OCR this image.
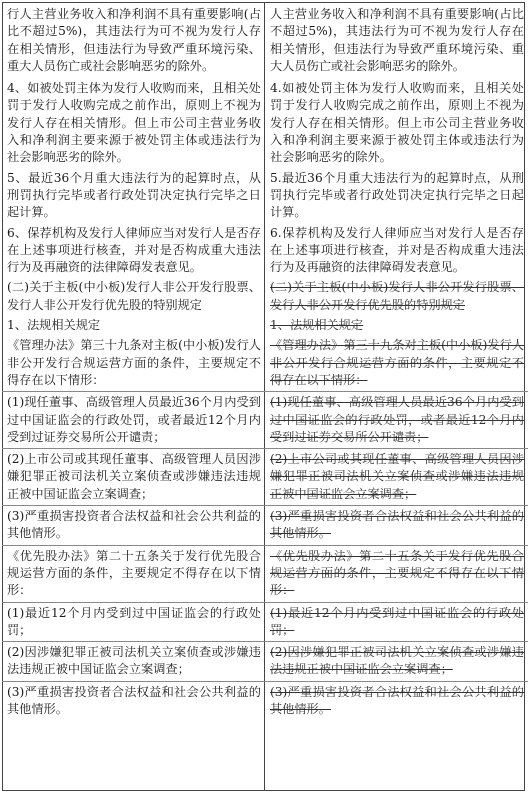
行人主营业务收入和净利润不具有重要影响(占比不超过5%)，其违法行为可不视为发行人存在相关情形，但违法行为导致严重环境污染、重大人员伤亡或社会影响恶劣的除外。

4、如被处罚主体为发行人收购而来，且相关处罚于发行人收购完成之前作出，原则上不视为发行人存在相关情形。但上市公司主营业务收入和净利润主要来源于被处罚主体或违法行为社会影响恶劣的除外。

5、最近36个月重大违法行为的起算时点，从刑罚执行完毕或者行政处罚决定执行完毕之日起计算。

6、保荐机构及发行人律师应当对发行人是否存在上述事项进行核查，并对是否构成重大违法行为及再融资的法律障碍发表意见。

(二)关于主板(中小板)发行人非公开发行股票、发行人非公开发行优先股的特别规定

1、法规相关规定

《管理办法》第三十九条对主板(中小板)发行人非公开发行合规运营方面的条件，主要规定不得存在以下情形：

(1)现任董事、高级管理人员最近36个月内受到过中国证监会的行政处罚，或者最近12个月内受到过证券交易所公开谴责；

(2)上市公司或其现任董事、高级管理人员因涉嫌犯罪正被司法机关立案侦查或涉嫌违法违规正被中国证监会立案调查；

(3)严重损害投资者合法权益和社会公共利益的其他情形。

《优先股办法》第二十五条关于发行优先股合规运营方面的条件，主要规定不得存在以下情形：

(1)最近12个月内受到过中国证监会的行政处罚；

(2)因涉嫌犯罪正被司法机关立案侦查或涉嫌违法违规正被中国证监会立案调查；

(3)严重损害投资者合法权益和社会公共利益的其他情形。

人主营业务收入和净利润不具有重要影响(占比不超过5%)，其违法行为可不视为发行人存在相关情形，但违法行为导致严重环境污染、重大人员伤亡或社会影响恶劣的除外。

4.如被处罚主体为发行人收购而来，且相关处罚于发行人收购完成之前作出，原则上不视为发行人存在相关情形。但上市公司主营业务收入和净利润主要来源于被处罚主体或违法行为社会影响恶劣的除外。

5.最近36个月重大违法行为的起算时点，从刑罚执行完毕或者行政处罚决定执行完毕之日起计算。

6.保荐机构及发行人律师应当对发行人是否存在上述事项进行核查，并对是否构成重大违法行为及再融资的法律障碍发表意见。

(二)关于主板(中小板)发行人非公开发行股票、发行人非公开发行优先股的特别规定

1、法规相关规定

《管理办法》第三十九条对主板(中小板)发行人非公开发行合规运营方面的条件，主要规定不得存在以下情形：

(1)现任董事、高级管理人员最近36个月内受到过中国证监会的行政处罚，或者最近12个月内受到过证券交易所公开谴责；

(2)上市公司或其现任董事、高级管理人员因涉嫌犯罪正被司法机关立案侦查或涉嫌违法违规正被中国证监会立案调查；

(3)严重损害投资者合法权益和社会公共利益的其他情形。

《优先股办法》第二十五条关于发行优先股合规运营方面的条件，主要规定不得存在以下情形：

(1)最近12个月内受到过中国证监会的行政处罚；

(2)因涉嫌犯罪正被司法机关立案侦查或涉嫌违法违规正被中国证监会立案调查；

(3)严重损害投资者合法权益和社会公共利益的其他情形。
